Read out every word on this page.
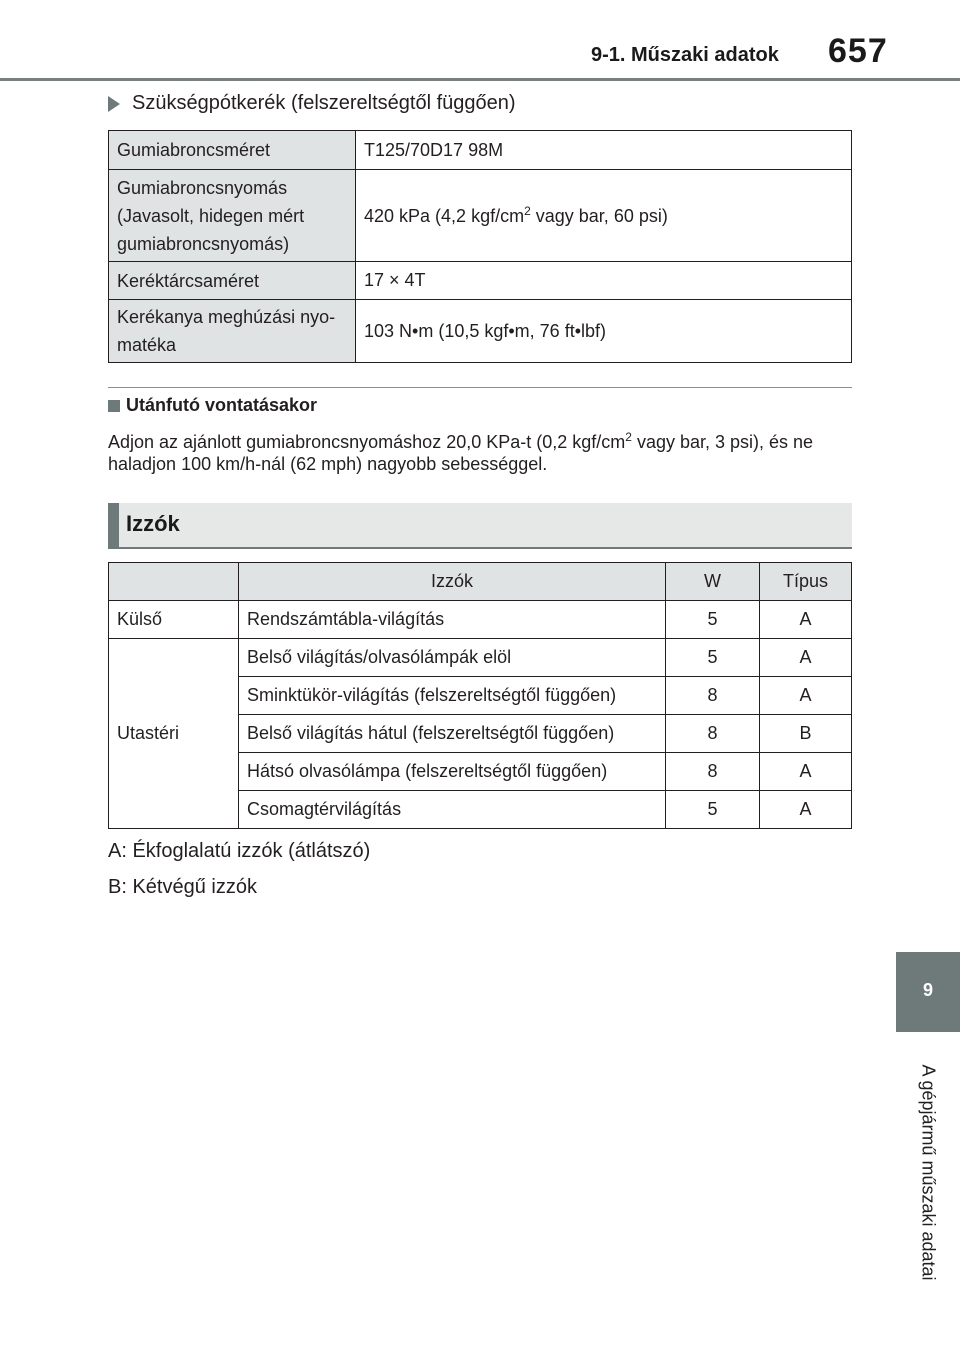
9-1. Műszaki adatok 657
9
A gépjármű műszaki adatai
Szükségpótkerék (felszereltségtől függően)
Gumiabroncsméret	T125/70D17 98M
Gumiabroncsnyomás (Javasolt, hidegen mért gumiabroncsnyomás)	420 kPa (4,2 kgf/$cm^2$ vagy bar, 60 psi)
Keréktárcsaméret	17 × 4T
Kerékanya meghúzási nyo-matéka	103 N•m (10,5 kgf•m, 76 ft•lbf)
Utánfutó vontatásakor
Adjon az ajánlott gumiabroncsnyomáshoz 20,0 KPa-t (0,2 kgf/$cm^2$ vagy bar, 3 psi), és ne haladjon 100 km/h-nál (62 mph) nagyobb sebességgel.
Izzók
	Izzók	W	Típus
Külső	Rendszámtábla-világítás	5	A
Utastéri	Belső világítás/olvasólámpák elöl	5	A
	Sminktükör-világítás (felszereltségtől függően)	8	A
	Belső világítás hátul (felszereltségtől függően)	8	B
	Hátsó olvasólámpa (felszereltségtől függően)	8	A
	Csomagtérvilágítás	5	A
A: Ékfoglalatú izzók (átlátszó)
B: Kétvégű izzók
